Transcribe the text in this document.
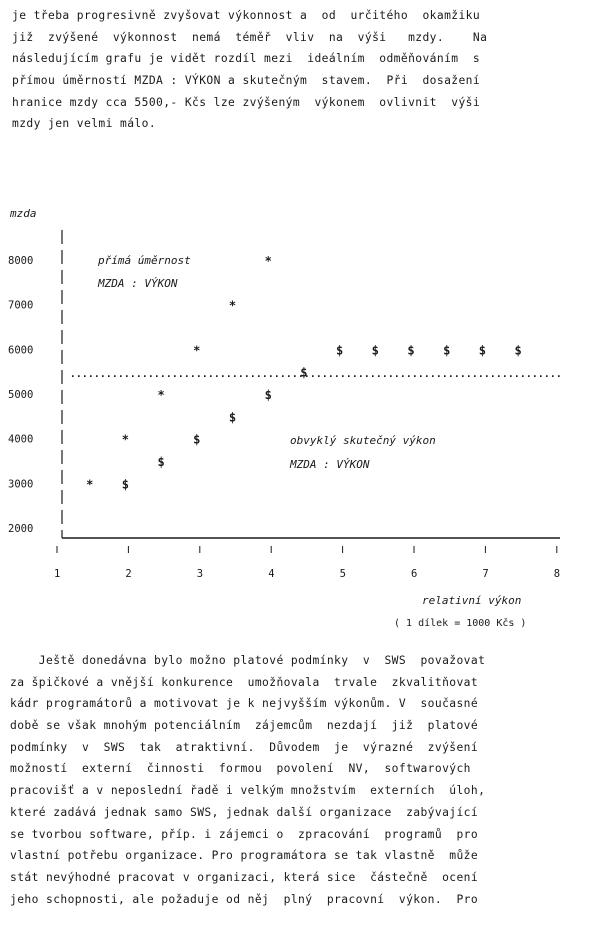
je třeba progresivně zvyšovat výkonnost a  od  určitého  okamžiku
již  zvýšené  výkonnost  nemá  téměř  vliv  na  výši   mzdy.    Na
následujícím grafu je vidět rozdíl mezi  ideálním  odměňováním  s
přímou úměrností MZDA : VÝKON a skutečným  stavem.  Při  dosažení
hranice mzdy cca 5500,- Kčs lze zvýšeným  výkonem  ovlivnit  výši
mzdy jen velmi málo.
mzda
8000
7000
6000
5000
4000
3000
2000
1	2	3	4	5	6	7	8
*
*
*
*
*
*
$
$
$
$
$
$
$ $ $ $ $ $
přímá úměrnost
MZDA : VÝKON
obvyklý skutečný výkon
MZDA : VÝKON
relativní výkon
( 1 dílek = 1000 Kčs )
Ještě donedávna bylo možno platové podmínky  v  SWS  považovat
za špičkové a vnější konkurence  umožňovala  trvale  zkvalitňovat
kádr programátorů a motivovat je k nejvyšším výkonům. V  současné
době se však mnohým potenciálním  zájemcům  nezdají  již  platové
podmínky  v  SWS  tak  atraktivní.  Důvodem  je  výrazné  zvýšení
možností  externí  činnosti  formou  povolení  NV,  softwarových
pracovišť a v neposlední řadě i velkým množstvím  externích  úloh,
které zadává jednak samo SWS, jednak další organizace  zabývající
se tvorbou software, příp. i zájemci o  zpracování  programů  pro
vlastní potřebu organizace. Pro programátora se tak vlastně  může
stát nevýhodné pracovat v organizaci, která sice  částečně  ocení
jeho schopnosti, ale požaduje od něj  plný  pracovní  výkon.  Pro
